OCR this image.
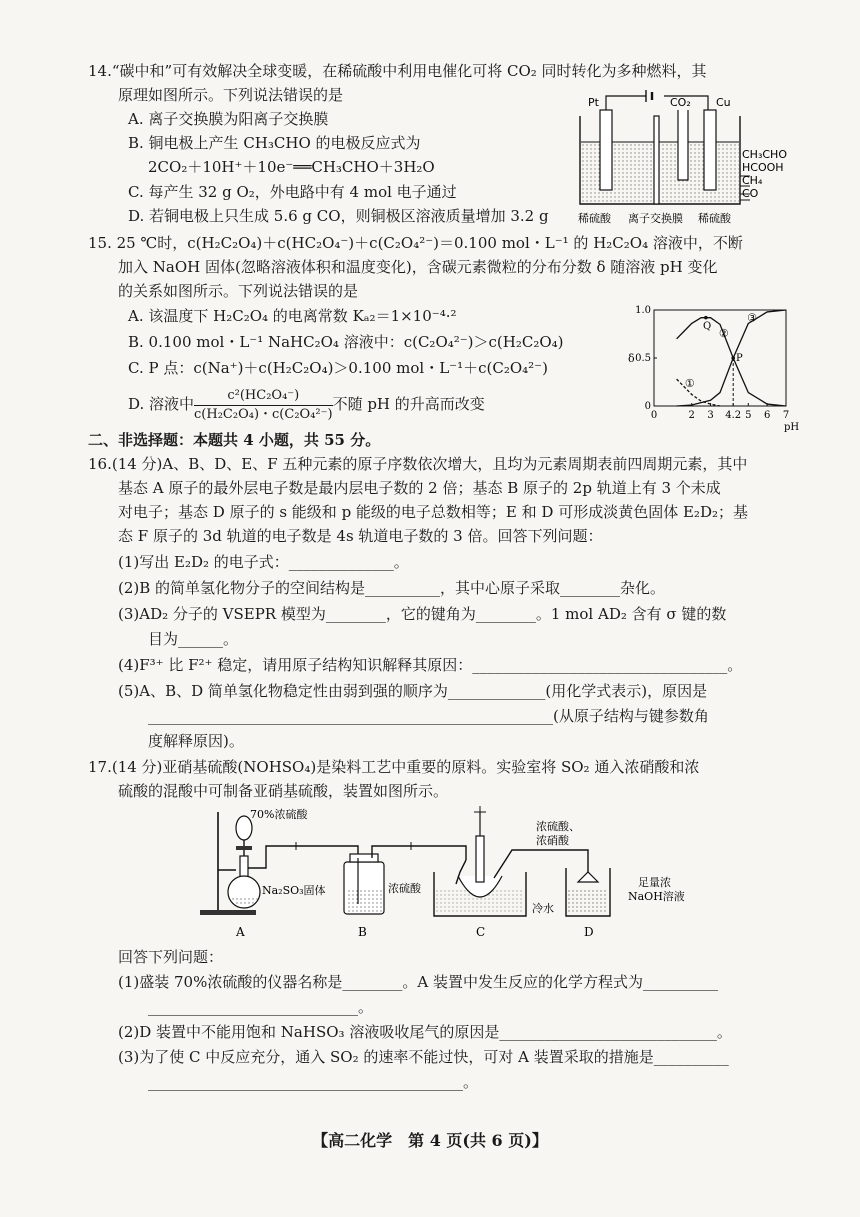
14.“碳中和”可有效解决全球变暖，在稀硫酸中利用电催化可将 CO₂ 同时转化为多种燃料，其
原理如图所示。下列说法错误的是
A. 离子交换膜为阳离子交换膜
B. 铜电极上产生 CH₃CHO 的电极反应式为
2CO₂＋10H⁺＋10e⁻══CH₃CHO＋3H₂O
C. 每产生 32 g O₂，外电路中有 4 mol 电子通过
D. 若铜电极上只生成 5.6 g CO，则铜极区溶液质量增加 3.2 g
Pt	CO₂ Cu
CH₃CHO
HCOOH
CH₄
CO
稀硫酸 离子交换膜 稀硫酸
15. 25 ℃时，c(H₂C₂O₄)＋c(HC₂O₄⁻)＋c(C₂O₄²⁻)＝0.100 mol・L⁻¹ 的 H₂C₂O₄ 溶液中，不断
加入 NaOH 固体(忽略溶液体积和温度变化)，含碳元素微粒的分布分数 δ 随溶液 pH 变化
的关系如图所示。下列说法错误的是
A. 该温度下 H₂C₂O₄ 的电离常数 Kₐ₂＝1×10⁻⁴·²
B. 0.100 mol・L⁻¹ NaHC₂O₄ 溶液中：c(C₂O₄²⁻)＞c(H₂C₂O₄)
C. P 点：c(Na⁺)＋c(H₂C₂O₄)＞0.100 mol・L⁻¹＋c(C₂O₄²⁻)
D. 溶液中 $\frac{\text{c²(HC₂O₄⁻)}}{\text{c(H₂C₂O₄)・c(C₂O₄²⁻)}}$ 不随 pH 的升高而改变
0	2 3 4.2 5 6 7
0
0.5
1.0
δ
pH
①
②
③
Q
P
二、非选择题：本题共 4 小题，共 55 分。
16.(14 分)A、B、D、E、F 五种元素的原子序数依次增大，且均为元素周期表前四周期元素，其中
基态 A 原子的最外层电子数是最内层电子数的 2 倍；基态 B 原子的 2p 轨道上有 3 个未成
对电子；基态 D 原子的 s 能级和 p 能级的电子总数相等；E 和 D 可形成淡黄色固体 E₂D₂；基
态 F 原子的 3d 轨道的电子数是 4s 轨道电子数的 3 倍。回答下列问题：
(1)写出 E₂D₂ 的电子式：______________。
(2)B 的简单氢化物分子的空间结构是__________，其中心原子采取________杂化。
(3)AD₂ 分子的 VSEPR 模型为________，它的键角为________。1 mol AD₂ 含有 σ 键的数
目为______。
(4)F³⁺ 比 F²⁺ 稳定，请用原子结构知识解释其原因：__________________________________。
(5)A、B、D 简单氢化物稳定性由弱到强的顺序为_____________(用化学式表示)，原因是
______________________________________________________(从原子结构与键参数角
度解释原因)。
17.(14 分)亚硝基硫酸(NOHSO₄)是染料工艺中重要的原料。实验室将 SO₂ 通入浓硝酸和浓
硫酸的混酸中可制备亚硝基硫酸，装置如图所示。
70%浓硫酸
Na₂SO₃固体	浓硫酸
浓硫酸、
浓硝酸
冷水
足量浓
NaOH溶液
A	B	C	D
回答下列问题：
(1)盛装 70%浓硫酸的仪器名称是________。A 装置中发生反应的化学方程式为__________
____________________________。
(2)D 装置中不能用饱和 NaHSO₃ 溶液吸收尾气的原因是_____________________________。
(3)为了使 C 中反应充分，通入 SO₂ 的速率不能过快，可对 A 装置采取的措施是__________
__________________________________________。
【高二化学　第 4 页(共 6 页)】
